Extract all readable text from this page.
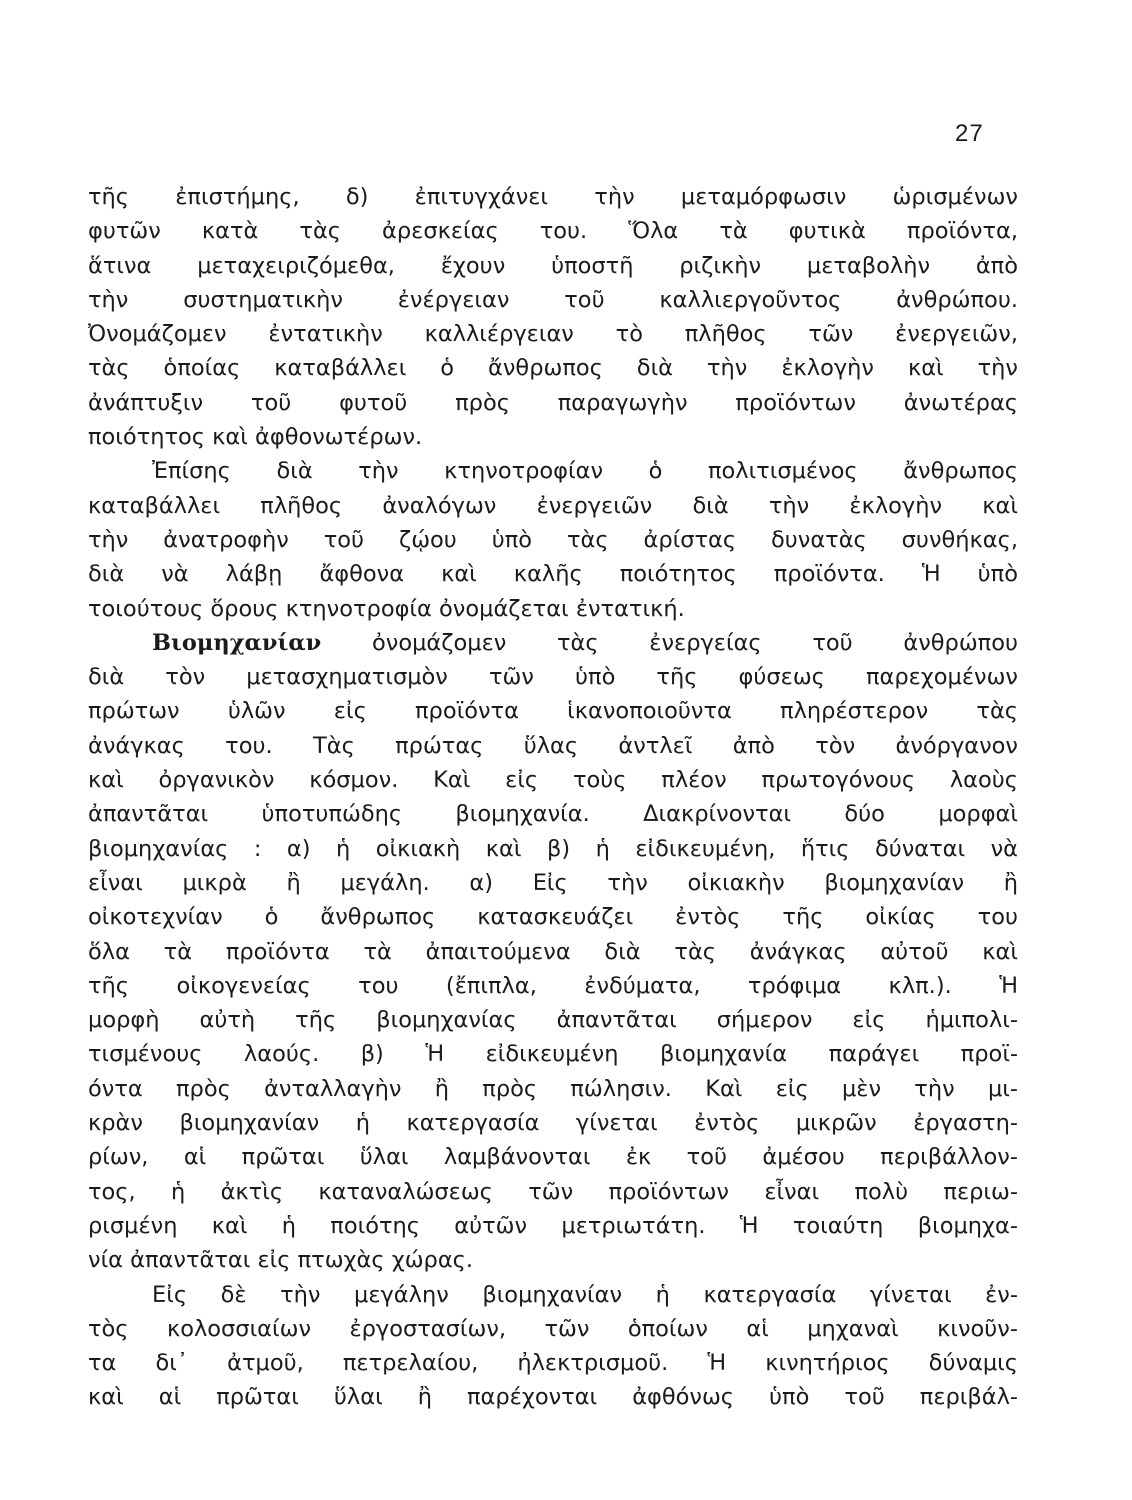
27
τῆς ἐπιστήμης, δ) ἐπιτυγχάνει τὴν μεταμόρφωσιν ὡρισμένων
φυτῶν κατὰ τὰς ἀρεσκείας του. Ὅλα τὰ φυτικὰ προϊόντα,
ἅτινα μεταχειριζόμεθα, ἔχουν ὑποστῆ ριζικὴν μεταβολὴν ἀπὸ
τὴν συστηματικὴν ἐνέργειαν τοῦ καλλιεργοῦντος ἀνθρώπου.
Ὀνομάζομεν ἐντατικὴν καλλιέργειαν τὸ πλῆθος τῶν ἐνεργειῶν,
τὰς ὁποίας καταβάλλει ὁ ἄνθρωπος διὰ τὴν ἐκλογὴν καὶ τὴν
ἀνάπτυξιν τοῦ φυτοῦ πρὸς παραγωγὴν προϊόντων ἀνωτέρας
ποιότητος καὶ ἀφθονωτέρων.
Ἐπίσης διὰ τὴν κτηνοτροφίαν ὁ πολιτισμένος ἄνθρωπος
καταβάλλει πλῆθος ἀναλόγων ἐνεργειῶν διὰ τὴν ἐκλογὴν καὶ
τὴν ἀνατροφὴν τοῦ ζῴου ὑπὸ τὰς ἀρίστας δυνατὰς συνθήκας,
διὰ νὰ λάβῃ ἄφθονα καὶ καλῆς ποιότητος προϊόντα. Ἡ ὑπὸ
τοιούτους ὅρους κτηνοτροφία ὀνομάζεται ἐντατική.
Βιομηχανίαν ὀνομάζομεν τὰς ἐνεργείας τοῦ ἀνθρώπου
διὰ τὸν μετασχηματισμὸν τῶν ὑπὸ τῆς φύσεως παρεχομένων
πρώτων ὑλῶν εἰς προϊόντα ἱκανοποιοῦντα πληρέστερον τὰς
ἀνάγκας του. Τὰς πρώτας ὕλας ἀντλεῖ ἀπὸ τὸν ἀνόργανον
καὶ ὀργανικὸν κόσμον. Καὶ εἰς τοὺς πλέον πρωτογόνους λαοὺς
ἀπαντᾶται ὑποτυπώδης βιομηχανία. Διακρίνονται δύο μορφαὶ
βιομηχανίας : α) ἡ οἰκιακὴ καὶ β) ἡ εἰδικευμένη, ἥτις δύναται νὰ
εἶναι μικρὰ ἢ μεγάλη. α) Εἰς τὴν οἰκιακὴν βιομηχανίαν ἢ
οἰκοτεχνίαν ὁ ἄνθρωπος κατασκευάζει ἐντὸς τῆς οἰκίας του
ὅλα τὰ προϊόντα τὰ ἀπαιτούμενα διὰ τὰς ἀνάγκας αὐτοῦ καὶ
τῆς οἰκογενείας του (ἔπιπλα, ἐνδύματα, τρόφιμα κλπ.). Ἡ
μορφὴ αὐτὴ τῆς βιομηχανίας ἀπαντᾶται σήμερον εἰς ἡμιπολι-
τισμένους λαούς. β) Ἡ εἰδικευμένη βιομηχανία παράγει προϊ-
όντα πρὸς ἀνταλλαγὴν ἢ πρὸς πώλησιν. Καὶ εἰς μὲν τὴν μι-
κρὰν βιομηχανίαν ἡ κατεργασία γίνεται ἐντὸς μικρῶν ἐργαστη-
ρίων, αἱ πρῶται ὕλαι λαμβάνονται ἐκ τοῦ ἀμέσου περιβάλλον-
τος, ἡ ἀκτὶς καταναλώσεως τῶν προϊόντων εἶναι πολὺ περιω-
ρισμένη καὶ ἡ ποιότης αὐτῶν μετριωτάτη. Ἡ τοιαύτη βιομηχα-
νία ἀπαντᾶται εἰς πτωχὰς χώρας.
Εἰς δὲ τὴν μεγάλην βιομηχανίαν ἡ κατεργασία γίνεται ἐν-
τὸς κολοσσιαίων ἐργοστασίων, τῶν ὁποίων αἱ μηχαναὶ κινοῦν-
τα δι᾽ ἀτμοῦ, πετρελαίου, ἠλεκτρισμοῦ. Ἡ κινητήριος δύναμις
καὶ αἱ πρῶται ὕλαι ἢ παρέχονται ἀφθόνως ὑπὸ τοῦ περιβάλ-
